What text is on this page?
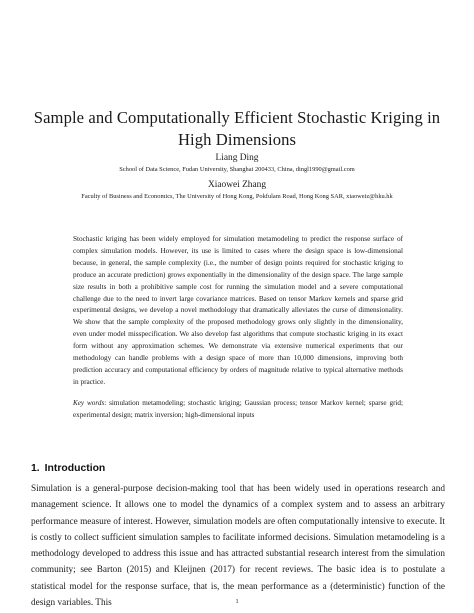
Sample and Computationally Efficient Stochastic Kriging in High Dimensions
Liang Ding
School of Data Science, Fudan University, Shanghai 200433, China, dingl1990@gmail.com
Xiaowei Zhang
Faculty of Business and Economics, The University of Hong Kong, Pokfulam Road, Hong Kong SAR, xiaoweiz@hku.hk

Stochastic kriging has been widely employed for simulation metamodeling to predict the response surface of complex simulation models. However, its use is limited to cases where the design space is low-dimensional because, in general, the sample complexity (i.e., the number of design points required for stochastic kriging to produce an accurate prediction) grows exponentially in the dimensionality of the design space. The large sample size results in both a prohibitive sample cost for running the simulation model and a severe computational challenge due to the need to invert large covariance matrices. Based on tensor Markov kernels and sparse grid experimental designs, we develop a novel methodology that dramatically alleviates the curse of dimensionality. We show that the sample complexity of the proposed methodology grows only slightly in the dimensionality, even under model misspecification. We also develop fast algorithms that compute stochastic kriging in its exact form without any approximation schemes. We demonstrate via extensive numerical experiments that our methodology can handle problems with a design space of more than 10,000 dimensions, improving both prediction accuracy and computational efficiency by orders of magnitude relative to typical alternative methods in practice.

Key words: simulation metamodeling; stochastic kriging; Gaussian process; tensor Markov kernel; sparse grid; experimental design; matrix inversion; high-dimensional inputs
1. Introduction

Simulation is a general-purpose decision-making tool that has been widely used in operations research and management science. It allows one to model the dynamics of a complex system and to assess an arbitrary performance measure of interest. However, simulation models are often computationally intensive to execute. It is costly to collect sufficient simulation samples to facilitate informed decisions. Simulation metamodeling is a methodology developed to address this issue and has attracted substantial research interest from the simulation community; see Barton (2015) and Kleijnen (2017) for recent reviews. The basic idea is to postulate a statistical model for the response surface, that is, the mean performance as a (deterministic) function of the design variables. This	1
